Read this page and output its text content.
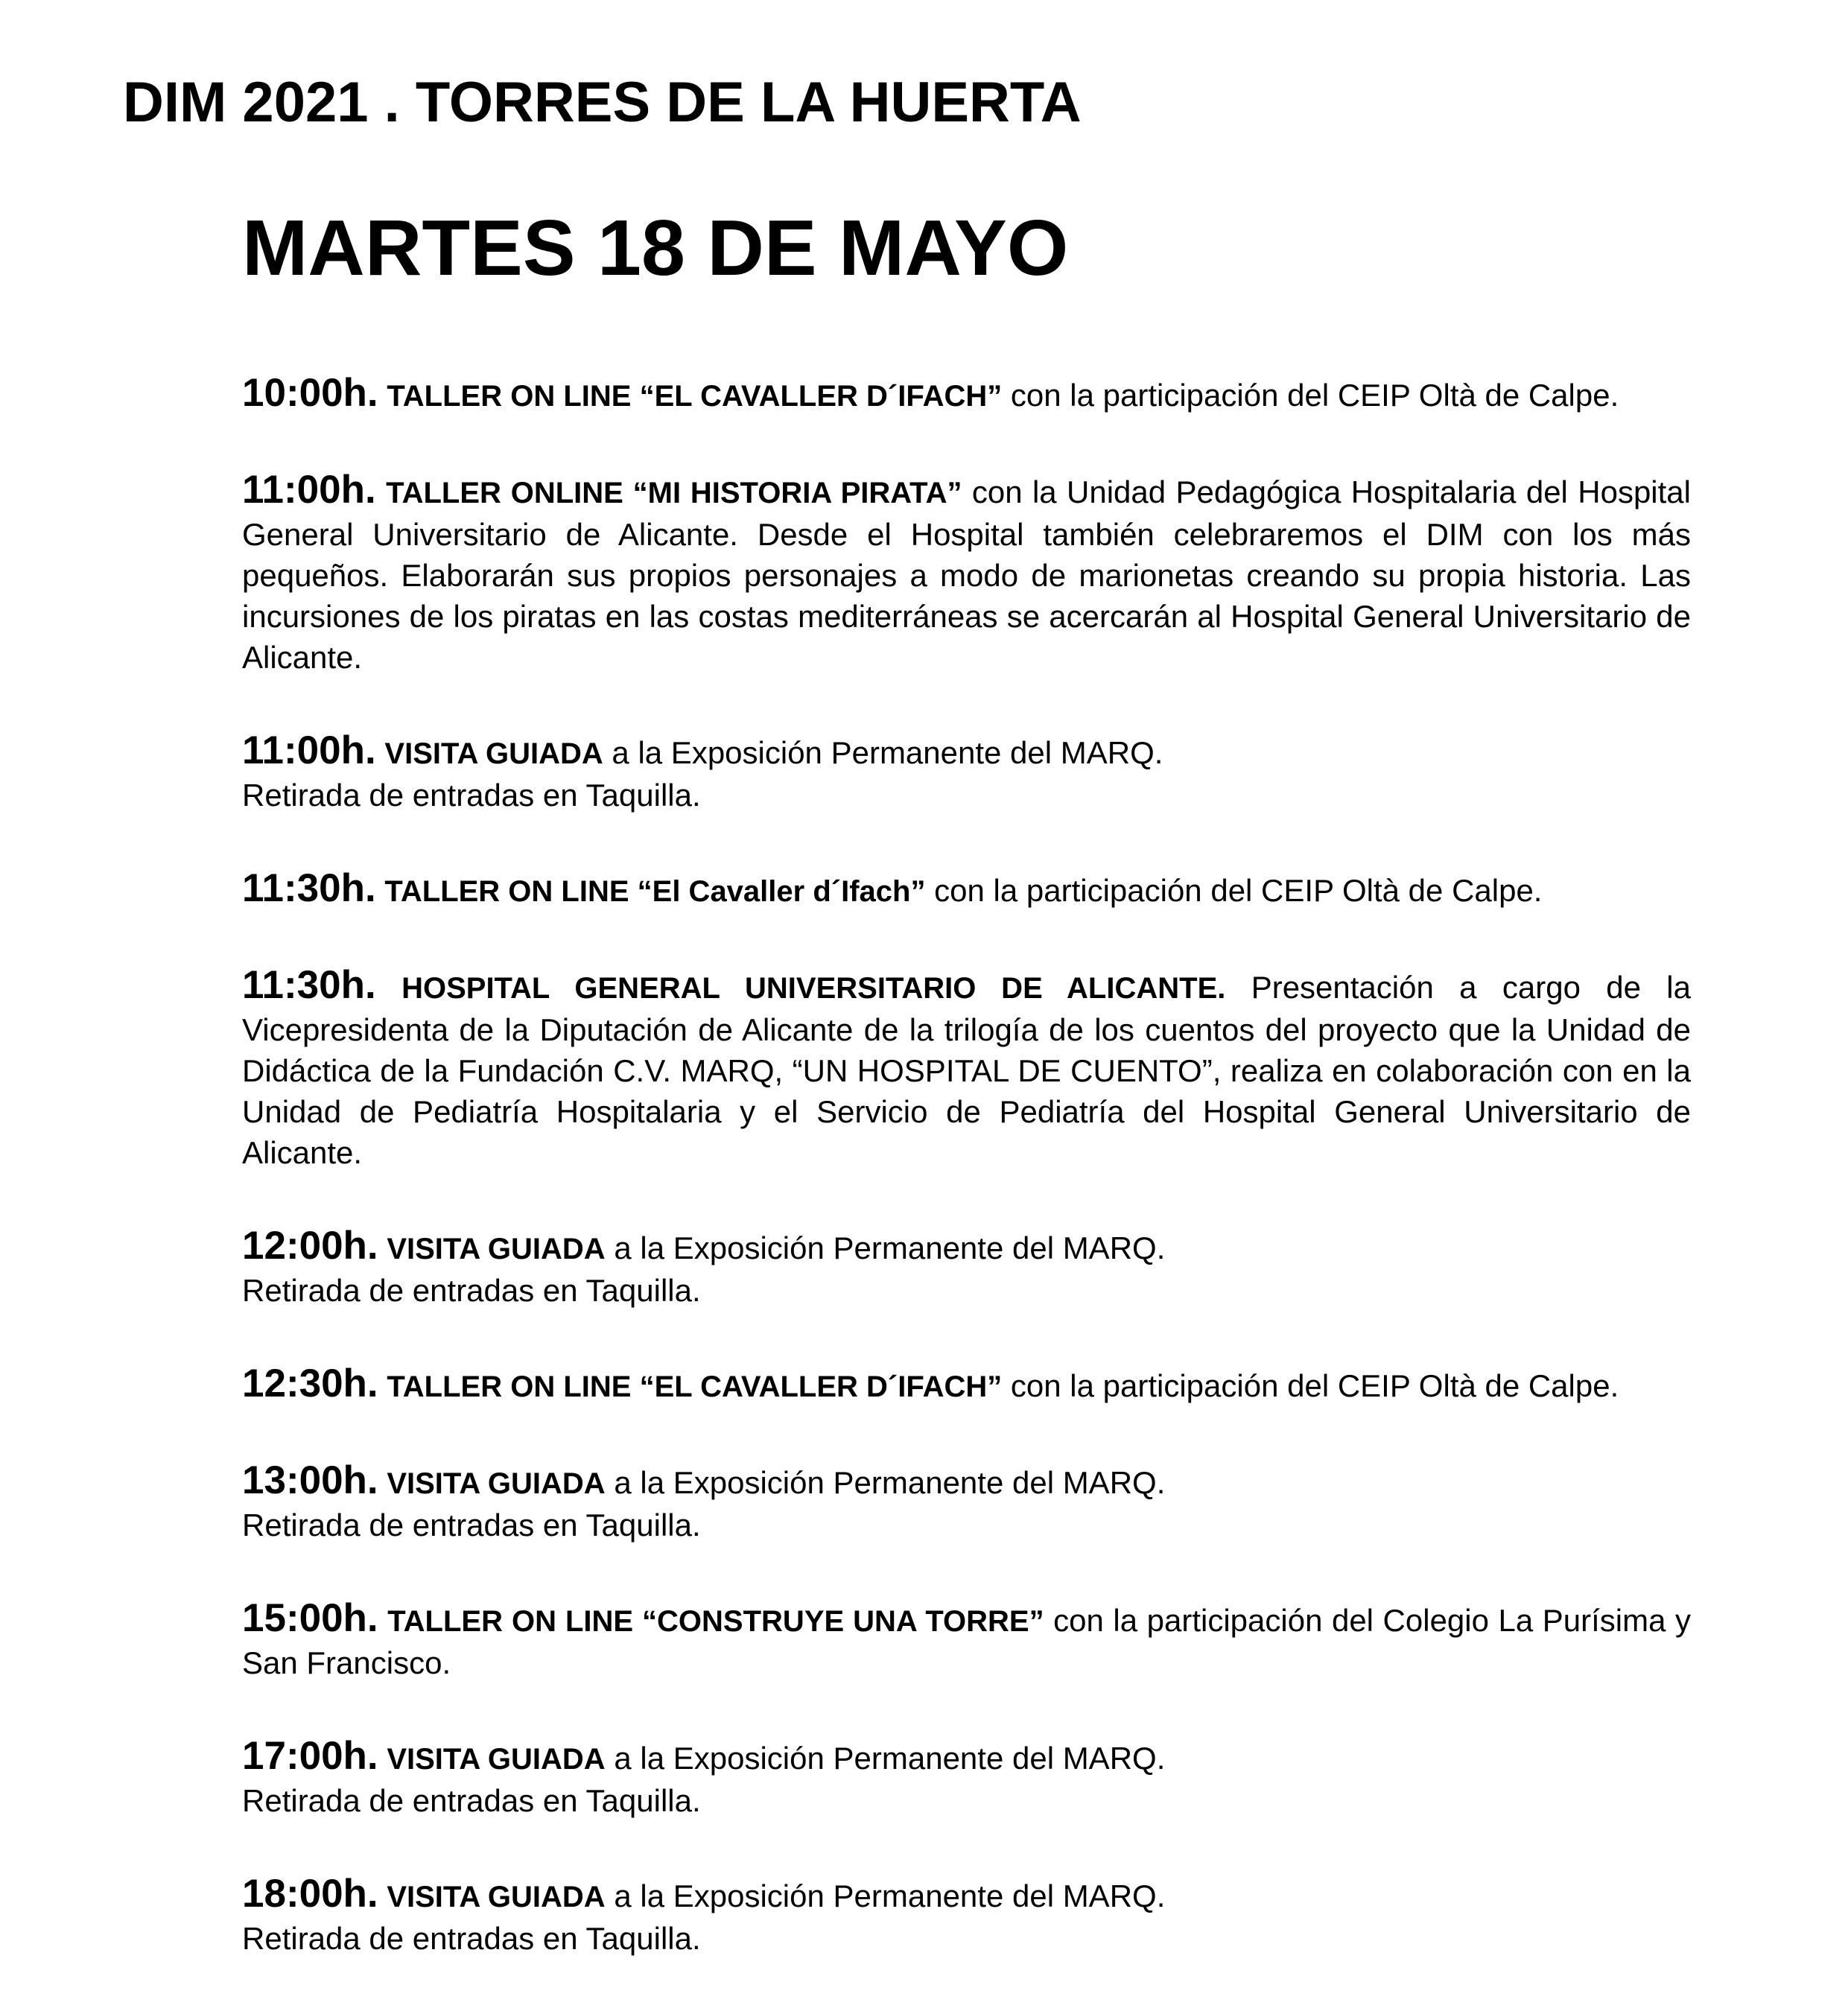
DIM 2021 . TORRES DE LA HUERTA
MARTES 18 DE MAYO
10:00h. TALLER ON LINE “EL CAVALLER D´IFACH” con la participación del CEIP Oltà de Calpe.
11:00h. TALLER ONLINE “MI HISTORIA PIRATA” con la Unidad Pedagógica Hospitalaria del Hospital General Universitario de Alicante. Desde el Hospital también celebraremos el DIM con los más pequeños. Elaborarán sus propios personajes a modo de marionetas creando su propia historia. Las incursiones de los piratas en las costas mediterráneas se acercarán al Hospital General Universitario de Alicante.
11:00h. VISITA GUIADA a la Exposición Permanente del MARQ.
Retirada de entradas en Taquilla.
11:30h. TALLER ON LINE “El Cavaller d´Ifach” con la participación del CEIP Oltà de Calpe.
11:30h. HOSPITAL GENERAL UNIVERSITARIO DE ALICANTE. Presentación a cargo de la Vicepresidenta de la Diputación de Alicante de la trilogía de los cuentos del proyecto que la Unidad de Didáctica de la Fundación C.V. MARQ, “UN HOSPITAL DE CUENTO”, realiza en colaboración con en la Unidad de Pediatría Hospitalaria y el Servicio de Pediatría del Hospital General Universitario de Alicante.
12:00h. VISITA GUIADA a la Exposición Permanente del MARQ.
Retirada de entradas en Taquilla.
12:30h. TALLER ON LINE “EL CAVALLER D´IFACH” con la participación del CEIP Oltà de Calpe.
13:00h. VISITA GUIADA a la Exposición Permanente del MARQ.
Retirada de entradas en Taquilla.
15:00h. TALLER ON LINE “CONSTRUYE UNA TORRE” con la participación del Colegio La Purísima y San Francisco.
17:00h. VISITA GUIADA a la Exposición Permanente del MARQ.
Retirada de entradas en Taquilla.
18:00h. VISITA GUIADA a la Exposición Permanente del MARQ.
Retirada de entradas en Taquilla.
